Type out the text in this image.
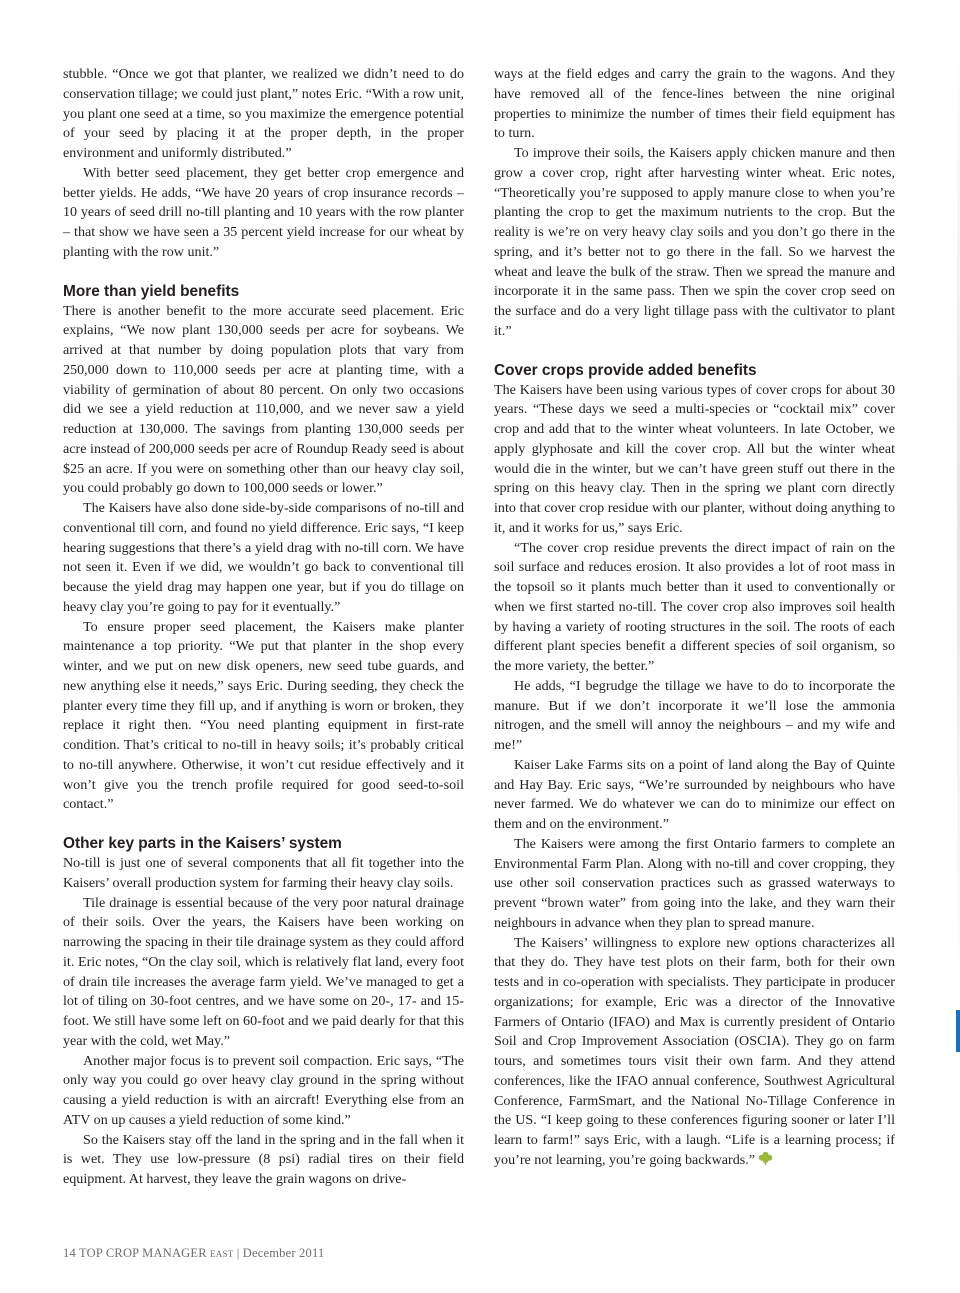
stubble. “Once we got that planter, we realized we didn’t need to do conservation tillage; we could just plant,” notes Eric. “With a row unit, you plant one seed at a time, so you maximize the emergence potential of your seed by placing it at the proper depth, in the proper environment and uniformly distributed.”

With better seed placement, they get better crop emergence and better yields. He adds, “We have 20 years of crop insurance records – 10 years of seed drill no-till planting and 10 years with the row planter – that show we have seen a 35 percent yield increase for our wheat by planting with the row unit.”

More than yield benefits

There is another benefit to the more accurate seed placement. Eric explains, “We now plant 130,000 seeds per acre for soybeans. We arrived at that number by doing population plots that vary from 250,000 down to 110,000 seeds per acre at planting time, with a viability of germination of about 80 percent. On only two occasions did we see a yield reduction at 110,000, and we never saw a yield reduction at 130,000. The savings from planting 130,000 seeds per acre instead of 200,000 seeds per acre of Roundup Ready seed is about $25 an acre. If you were on something other than our heavy clay soil, you could probably go down to 100,000 seeds or lower.”

The Kaisers have also done side-by-side comparisons of no-till and conventional till corn, and found no yield difference. Eric says, “I keep hearing suggestions that there’s a yield drag with no-till corn. We have not seen it. Even if we did, we wouldn’t go back to conventional till because the yield drag may happen one year, but if you do tillage on heavy clay you’re going to pay for it eventually.”

To ensure proper seed placement, the Kaisers make planter maintenance a top priority. “We put that planter in the shop every winter, and we put on new disk openers, new seed tube guards, and new anything else it needs,” says Eric. During seeding, they check the planter every time they fill up, and if anything is worn or broken, they replace it right then. “You need planting equipment in first-rate condition. That’s critical to no-till in heavy soils; it’s probably critical to no-till anywhere. Otherwise, it won’t cut residue effectively and it won’t give you the trench profile required for good seed-to-soil contact.”

Other key parts in the Kaisers’ system

No-till is just one of several components that all fit together into the Kaisers’ overall production system for farming their heavy clay soils.

Tile drainage is essential because of the very poor natural drainage of their soils. Over the years, the Kaisers have been working on narrowing the spacing in their tile drainage system as they could afford it. Eric notes, “On the clay soil, which is relatively flat land, every foot of drain tile increases the average farm yield. We’ve managed to get a lot of tiling on 30-foot centres, and we have some on 20-, 17- and 15-foot. We still have some left on 60-foot and we paid dearly for that this year with the cold, wet May.”

Another major focus is to prevent soil compaction. Eric says, “The only way you could go over heavy clay ground in the spring without causing a yield reduction is with an aircraft! Everything else from an ATV on up causes a yield reduction of some kind.”

So the Kaisers stay off the land in the spring and in the fall when it is wet. They use low-pressure (8 psi) radial tires on their field equipment. At harvest, they leave the grain wagons on drive-

ways at the field edges and carry the grain to the wagons. And they have removed all of the fence-lines between the nine original properties to minimize the number of times their field equipment has to turn.

To improve their soils, the Kaisers apply chicken manure and then grow a cover crop, right after harvesting winter wheat. Eric notes, “Theoretically you’re supposed to apply manure close to when you’re planting the crop to get the maximum nutrients to the crop. But the reality is we’re on very heavy clay soils and you don’t go there in the spring, and it’s better not to go there in the fall. So we harvest the wheat and leave the bulk of the straw. Then we spread the manure and incorporate it in the same pass. Then we spin the cover crop seed on the surface and do a very light tillage pass with the cultivator to plant it.”

Cover crops provide added benefits

The Kaisers have been using various types of cover crops for about 30 years. “These days we seed a multi-species or “cocktail mix” cover crop and add that to the winter wheat volunteers. In late October, we apply glyphosate and kill the cover crop. All but the winter wheat would die in the winter, but we can’t have green stuff out there in the spring on this heavy clay. Then in the spring we plant corn directly into that cover crop residue with our planter, without doing anything to it, and it works for us,” says Eric.

“The cover crop residue prevents the direct impact of rain on the soil surface and reduces erosion. It also provides a lot of root mass in the topsoil so it plants much better than it used to conventionally or when we first started no-till. The cover crop also improves soil health by having a variety of rooting structures in the soil. The roots of each different plant species benefit a different species of soil organism, so the more variety, the better.”

He adds, “I begrudge the tillage we have to do to incorporate the manure. But if we don’t incorporate it we’ll lose the ammonia nitrogen, and the smell will annoy the neighbours – and my wife and me!”

Kaiser Lake Farms sits on a point of land along the Bay of Quinte and Hay Bay. Eric says, “We’re surrounded by neighbours who have never farmed. We do whatever we can do to minimize our effect on them and on the environment.”

The Kaisers were among the first Ontario farmers to complete an Environmental Farm Plan. Along with no-till and cover cropping, they use other soil conservation practices such as grassed waterways to prevent “brown water” from going into the lake, and they warn their neighbours in advance when they plan to spread manure.

The Kaisers’ willingness to explore new options characterizes all that they do. They have test plots on their farm, both for their own tests and in co-operation with specialists. They participate in producer organizations; for example, Eric was a director of the Innovative Farmers of Ontario (IFAO) and Max is currently president of Ontario Soil and Crop Improvement Association (OSCIA). They go on farm tours, and sometimes tours visit their own farm. And they attend conferences, like the IFAO annual conference, Southwest Agricultural Conference, FarmSmart, and the National No-Tillage Conference in the US. “I keep going to these conferences figuring sooner or later I’ll learn to farm!” says Eric, with a laugh. “Life is a learning process; if you’re not learning, you’re going backwards.”

14 TOP CROP MANAGER EAST | December 2011
